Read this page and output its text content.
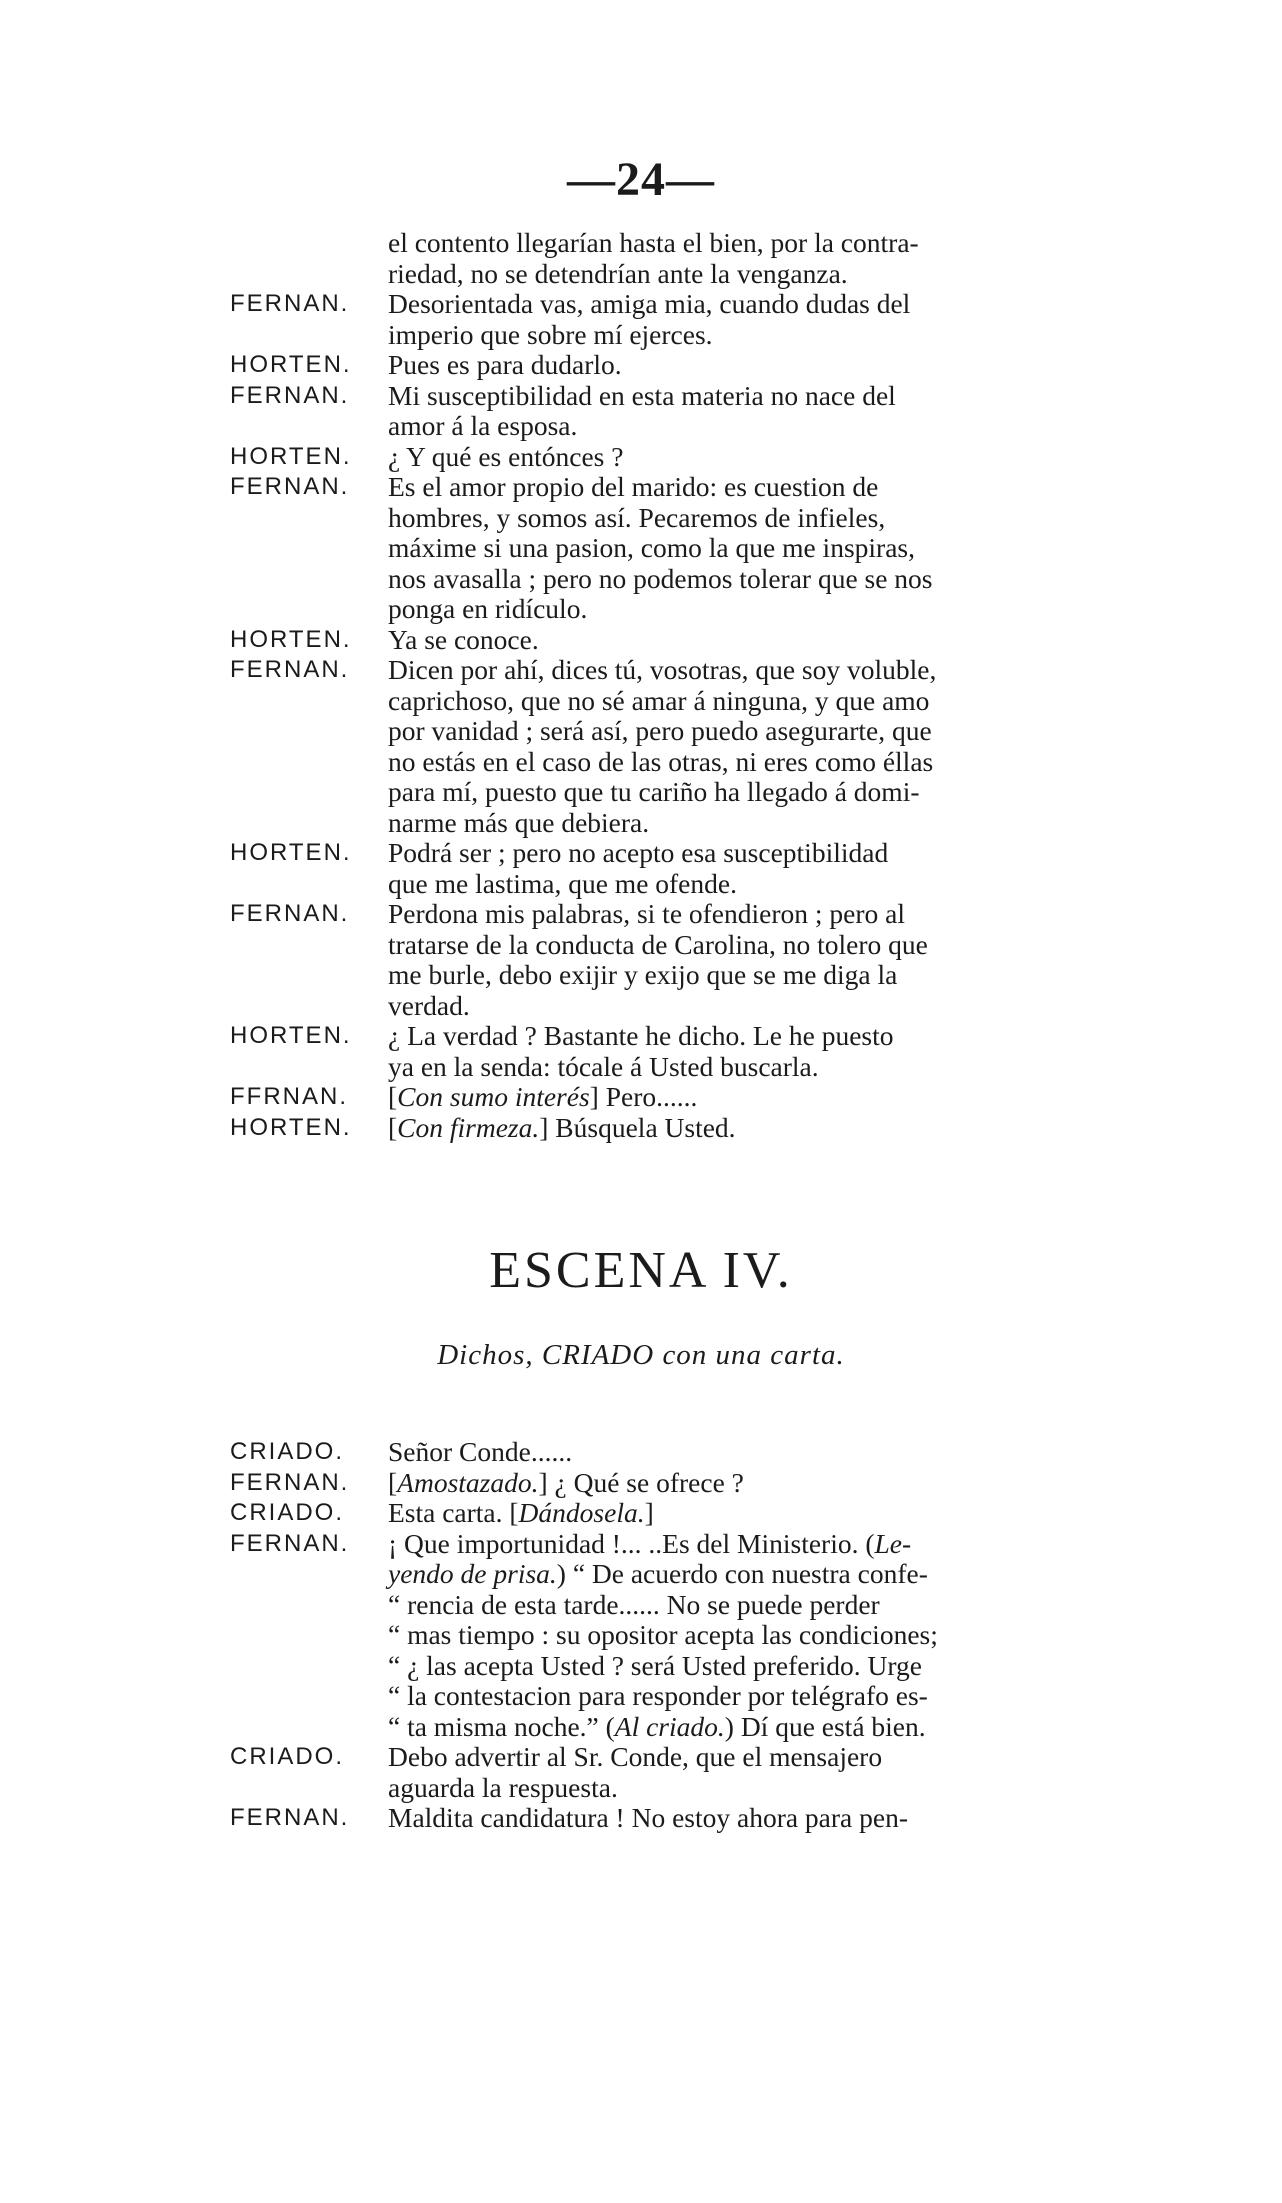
—24—
el contento llegarían hasta el bien, por la contra-
riedad, no se detendrían ante la venganza.
FERNAN. Desorientada vas, amiga mia, cuando dudas del
imperio que sobre mí ejerces.
HORTEN. Pues es para dudarlo.
FERNAN. Mi susceptibilidad en esta materia no nace del
amor á la esposa.
HORTEN. ¿ Y qué es entónces ?
FERNAN. Es el amor propio del marido: es cuestion de
hombres, y somos así. Pecaremos de infieles,
máxime si una pasion, como la que me inspiras,
nos avasalla ; pero no podemos tolerar que se nos
ponga en ridículo.
HORTEN. Ya se conoce.
FERNAN. Dicen por ahí, dices tú, vosotras, que soy voluble,
caprichoso, que no sé amar á ninguna, y que amo
por vanidad ; será así, pero puedo asegurarte, que
no estás en el caso de las otras, ni eres como éllas
para mí, puesto que tu cariño ha llegado á domi-
narme más que debiera.
HORTEN. Podrá ser ; pero no acepto esa susceptibilidad
que me lastima, que me ofende.
FERNAN. Perdona mis palabras, si te ofendieron ; pero al
tratarse de la conducta de Carolina, no tolero que
me burle, debo exijir y exijo que se me diga la
verdad.
HORTEN. ¿ La verdad ? Bastante he dicho. Le he puesto
ya en la senda: tócale á Usted buscarla.
FFRNAN. [Con sumo interés] Pero......
HORTEN. [Con firmeza.] Búsquela Usted.
ESCENA IV.
Dichos, CRIADO con una carta.
CRIADO. Señor Conde......
FERNAN. [Amostazado.] ¿ Qué se ofrece ?
CRIADO. Esta carta. [Dándosela.]
FERNAN. ¡ Que importunidad !... ..Es del Ministerio. (Le-
yendo de prisa.) “ De acuerdo con nuestra confe-
“ rencia de esta tarde...... No se puede perder
“ mas tiempo : su opositor acepta las condiciones;
“ ¿ las acepta Usted ? será Usted preferido. Urge
“ la contestacion para responder por telégrafo es-
“ ta misma noche.” (Al criado.) Dí que está bien.
CRIADO. Debo advertir al Sr. Conde, que el mensajero
aguarda la respuesta.
FERNAN. Maldita candidatura ! No estoy ahora para pen-
